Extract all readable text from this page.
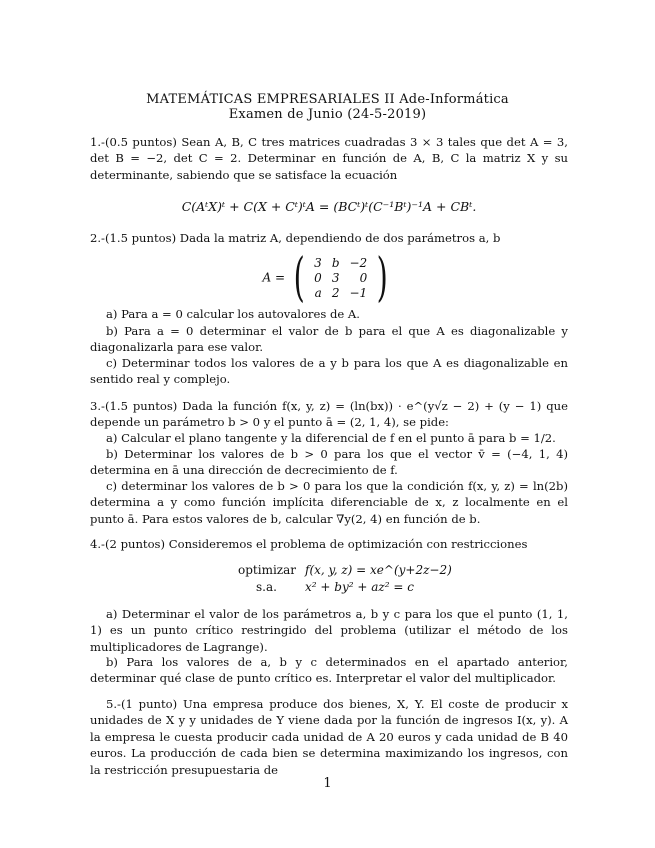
MATEMÁTICAS EMPRESARIALES II Ade-Informática
Examen de Junio (24-5-2019)
1.-(0.5 puntos) Sean A, B, C tres matrices cuadradas 3 × 3 tales que det A = 3, det B = −2, det C = 2. Determinar en función de A, B, C la matriz X y su determinante, sabiendo que se satisface la ecuación
C(AᵗX)ᵗ + C(X + Cᵗ)ᵗA = (BCᵗ)ᵗ(C⁻¹Bᵗ)⁻¹A + CBᵗ.
2.-(1.5 puntos) Dada la matriz A, dependiendo de dos parámetros a, b
A = ( 3	b	−2
0	3	0
a	2	−1 )
a) Para a = 0 calcular los autovalores de A.
b) Para a = 0 determinar el valor de b para el que A es diagonalizable y diagonalizarla para ese valor.
c) Determinar todos los valores de a y b para los que A es diagonalizable en sentido real y complejo.
3.-(1.5 puntos) Dada la función f(x, y, z) = (ln(bx)) · e^(y√z − 2) + (y − 1) que depende un parámetro b > 0 y el punto ā = (2, 1, 4), se pide:
a) Calcular el plano tangente y la diferencial de f en el punto ā para b = 1/2.
b) Determinar los valores de b > 0 para los que el vector v̄ = (−4, 1, 4) determina en ā una dirección de decrecimiento de f.
c) determinar los valores de b > 0 para los que la condición f(x, y, z) = ln(2b) determina a y como función implícita diferenciable de x, z localmente en el punto ā. Para estos valores de b, calcular ∇y(2, 4) en función de b.
4.-(2 puntos) Consideremos el problema de optimización con restricciones
optimizar f(x, y, z) = xe^(y+2z−2)
s.a. x² + by² + az² = c
a) Determinar el valor de los parámetros a, b y c para los que el punto (1, 1, 1) es un punto crítico restringido del problema (utilizar el método de los multiplicadores de Lagrange).
b) Para los valores de a, b y c determinados en el apartado anterior, determinar qué clase de punto crítico es. Interpretar el valor del multiplicador.
5.-(1 punto) Una empresa produce dos bienes, X, Y. El coste de producir x unidades de X y y unidades de Y viene dada por la función de ingresos I(x, y). A la empresa le cuesta producir cada unidad de A 20 euros y cada unidad de B 40 euros. La producción de cada bien se determina maximizando los ingresos, con la restricción presupuestaria de
1
